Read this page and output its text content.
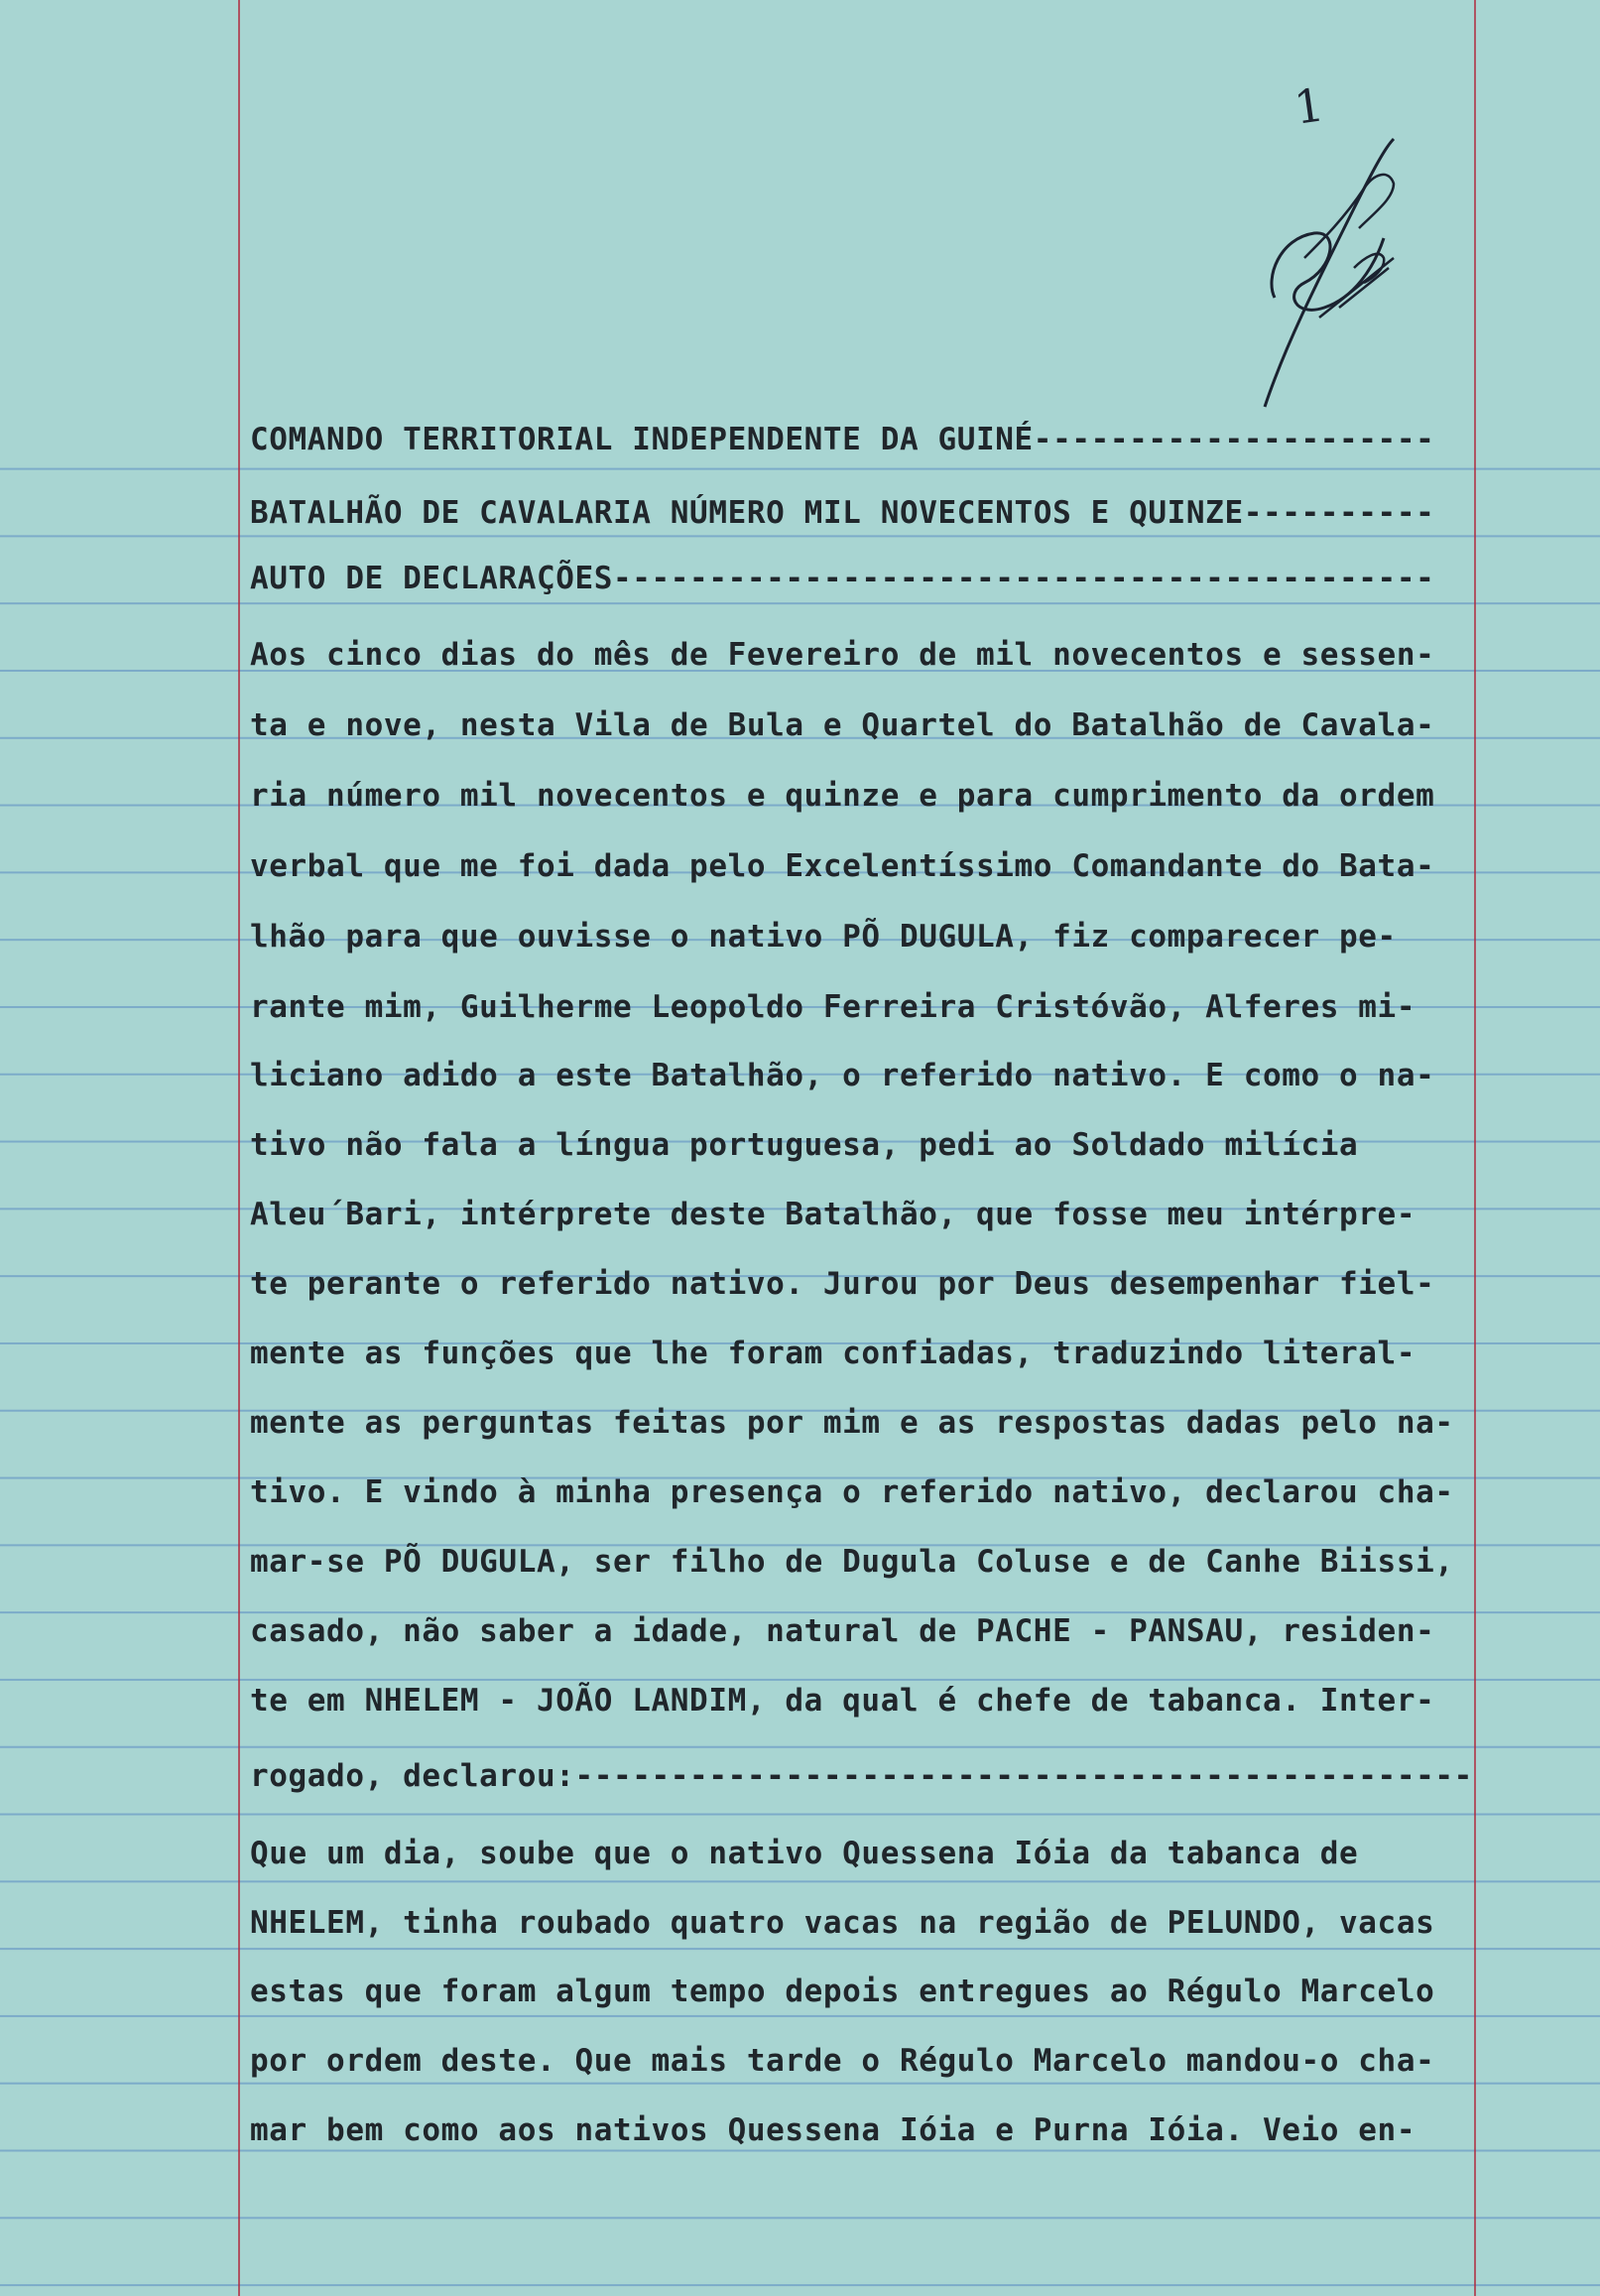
1

COMANDO TERRITORIAL INDEPENDENTE DA GUINÉ---------------------

BATALHÃO DE CAVALARIA NÚMERO MIL NOVECENTOS E QUINZE----------

AUTO DE DECLARAÇÕES-------------------------------------------

Aos cinco dias do mês de Fevereiro de mil novecentos e sessen-

ta e nove, nesta Vila de Bula e Quartel do Batalhão de Cavala-

ria número mil novecentos e quinze e para cumprimento da ordem

verbal que me foi dada pelo Excelentíssimo Comandante do Bata-

lhão para que ouvisse o nativo PÕ DUGULA, fiz comparecer pe-

rante mim, Guilherme Leopoldo Ferreira Cristóvão, Alferes mi-

liciano adido a este Batalhão, o referido nativo. E como o na-

tivo não fala a língua portuguesa, pedi ao Soldado milícia

Aleu´Bari, intérprete deste Batalhão, que fosse meu intérpre-

te perante o referido nativo. Jurou por Deus desempenhar fiel-

mente as funções que lhe foram confiadas, traduzindo literal-

mente as perguntas feitas por mim e as respostas dadas pelo na-

tivo. E vindo à minha presença o referido nativo, declarou cha-

mar-se PÕ DUGULA, ser filho de Dugula Coluse e de Canhe Biissi,

casado, não saber a idade, natural de PACHE - PANSAU, residen-

te em NHELEM - JOÃO LANDIM, da qual é chefe de tabanca. Inter-

rogado, declarou:-----------------------------------------------

Que um dia, soube que o nativo Quessena Ióia da tabanca de

NHELEM, tinha roubado quatro vacas na região de PELUNDO, vacas

estas que foram algum tempo depois entregues ao Régulo Marcelo

por ordem deste. Que mais tarde o Régulo Marcelo mandou-o cha-

mar bem como aos nativos Quessena Ióia e Purna Ióia. Veio en-
